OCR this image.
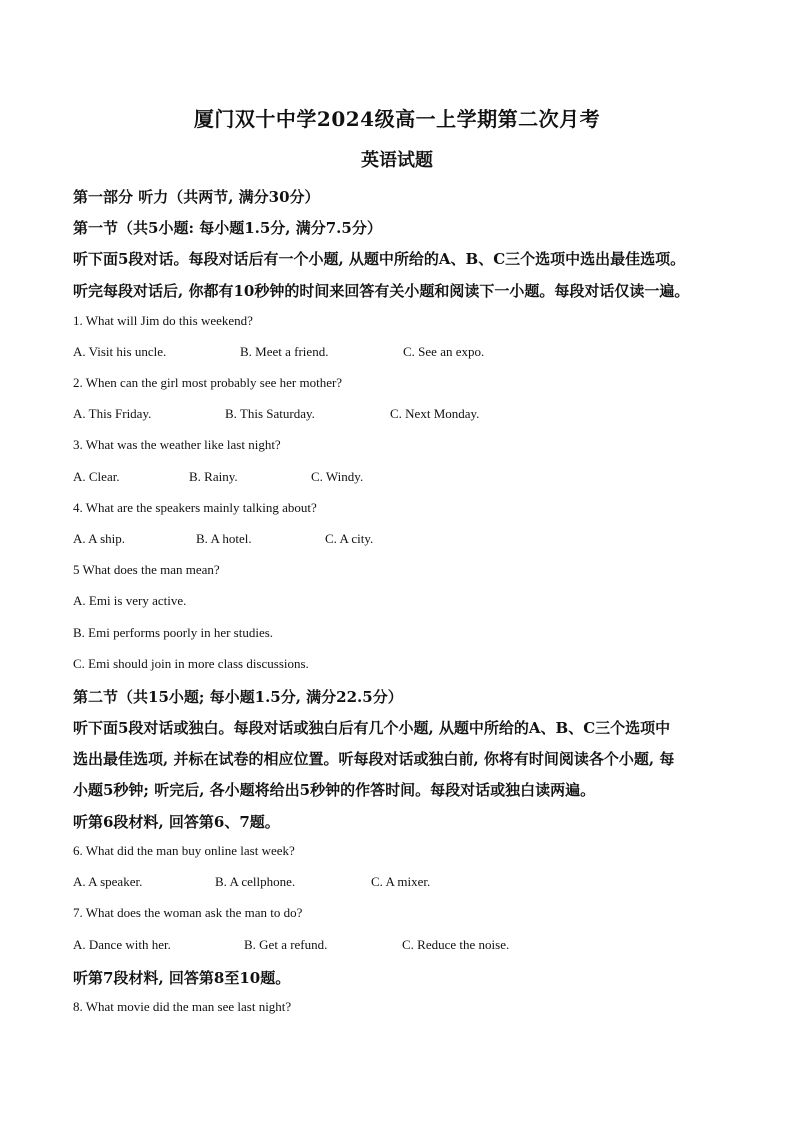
厦门双十中学2024级高一上学期第二次月考
英语试题
第一部分 听力（共两节, 满分30分）
第一节（共5小题: 每小题1.5分, 满分7.5分）
听下面5段对话。每段对话后有一个小题, 从题中所给的A、B、C三个选项中选出最佳选项。
听完每段对话后, 你都有10秒钟的时间来回答有关小题和阅读下一小题。每段对话仅读一遍。
1. What will Jim do this weekend?
A. Visit his uncle.	B. Meet a friend.	C. See an expo.
2. When can the girl most probably see her mother?
A. This Friday.	B. This Saturday.	C. Next Monday.
3. What was the weather like last night?
A. Clear.	B. Rainy.	C. Windy.
4. What are the speakers mainly talking about?
A. A ship.	B. A hotel.	C. A city.
5 What does the man mean?
A. Emi is very active.
B. Emi performs poorly in her studies.
C. Emi should join in more class discussions.
第二节（共15小题; 每小题1.5分, 满分22.5分）
听下面5段对话或独白。每段对话或独白后有几个小题, 从题中所给的A、B、C三个选项中
选出最佳选项, 并标在试卷的相应位置。听每段对话或独白前, 你将有时间阅读各个小题, 每
小题5秒钟; 听完后, 各小题将给出5秒钟的作答时间。每段对话或独白读两遍。
听第6段材料, 回答第6、7题。
6. What did the man buy online last week?
A. A speaker.	B. A cellphone.	C. A mixer.
7. What does the woman ask the man to do?
A. Dance with her.	B. Get a refund.	C. Reduce the noise.
听第7段材料, 回答第8至10题。
8. What movie did the man see last night?
